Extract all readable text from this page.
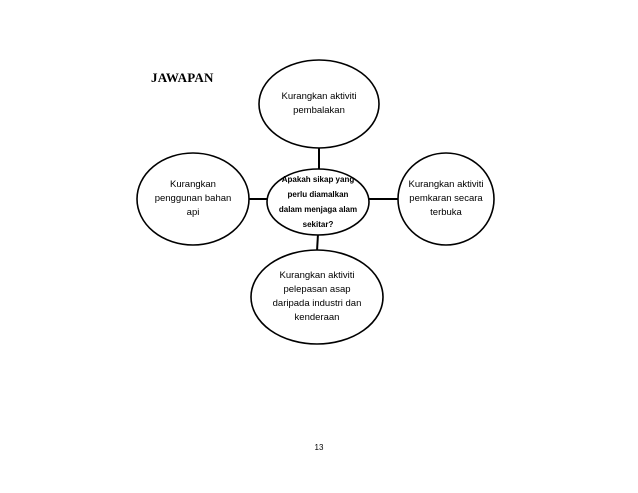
JAWAPAN
Kurangkan aktiviti
pembalakan
Kurangkan
penggunan bahan
api
Kurangkan aktiviti
pemkaran secara
terbuka
Kurangkan aktiviti
pelepasan asap
daripada industri dan
kenderaan
Apakah sikap yang
perlu diamalkan
dalam menjaga alam
sekitar?
13
